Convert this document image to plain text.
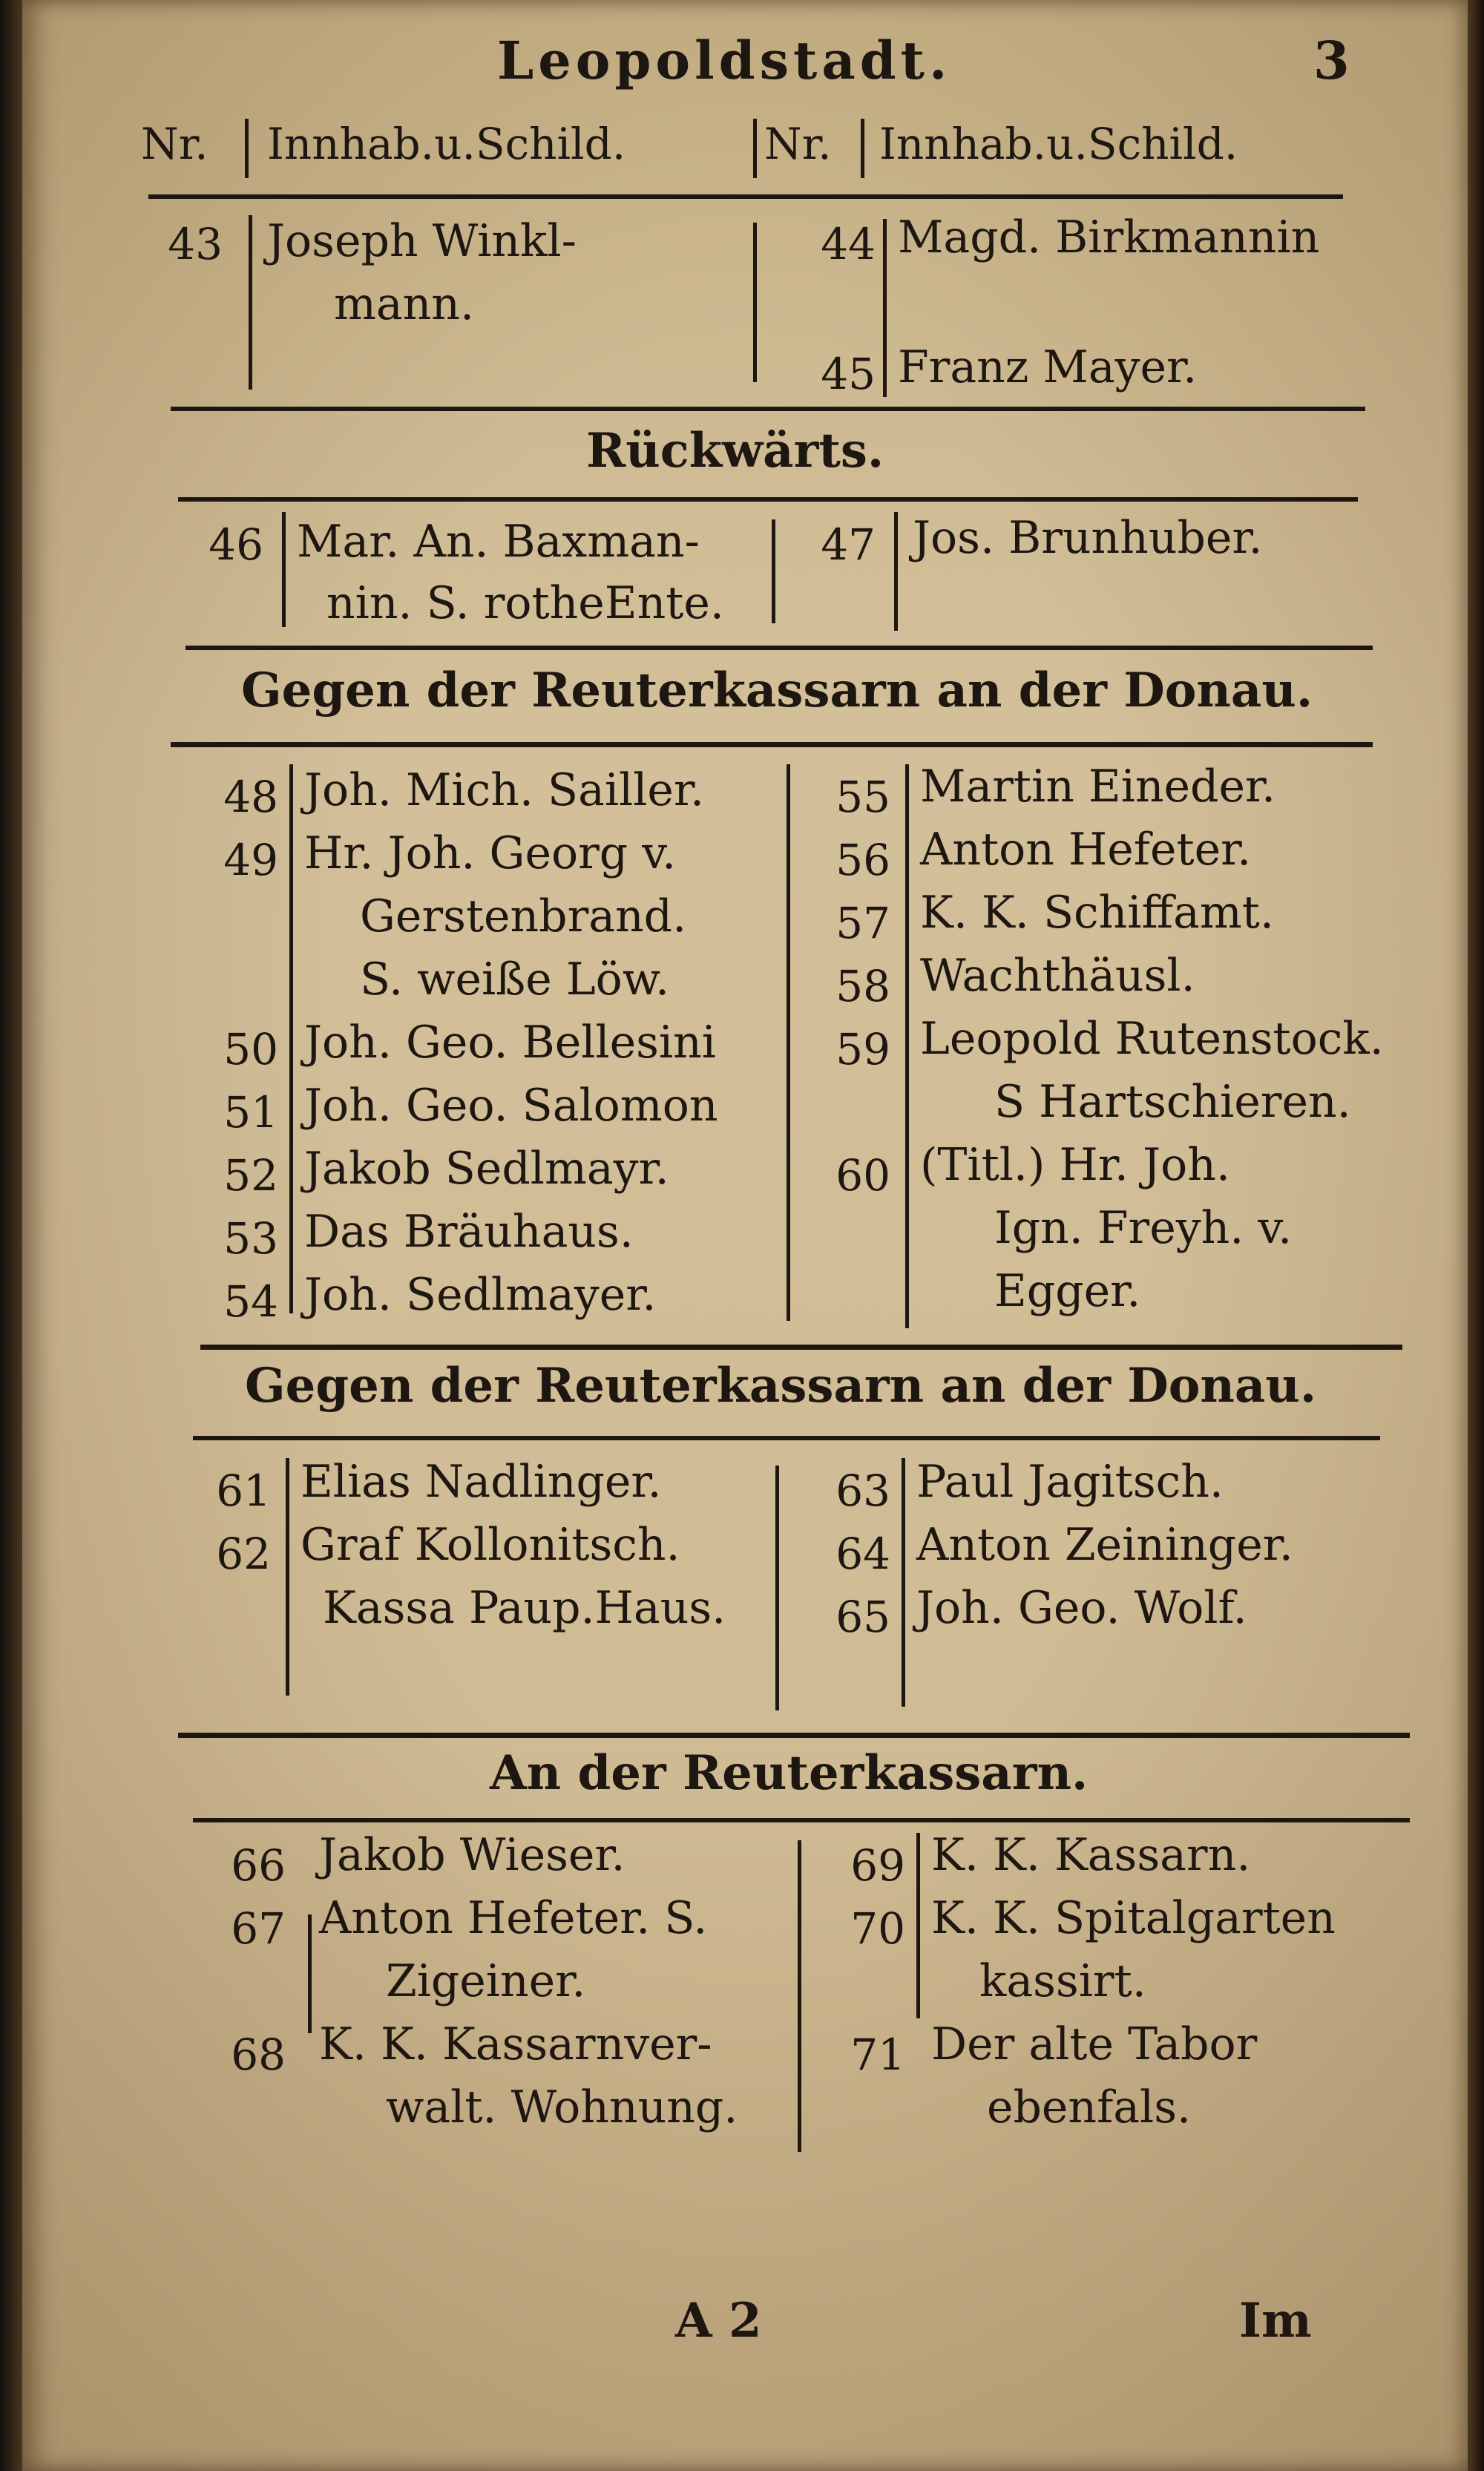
Leopoldstadt.	3
Nr. Innhab.u.Schild.	Nr. Innhab.u.Schild.
43 Joseph Winkl-
mann.
44 Magd. Birkmannin
45 Franz Mayer.
Rückwärts.
46 Mar. An. Baxman-
nin. S. rotheEnte.
47 Jos. Brunhuber.
Gegen der Reuterkassarn an der Donau.
48 Joh. Mich. Sailler.
49 Hr. Joh. Georg v.
Gerstenbrand.
S. weiße Löw.
50 Joh. Geo. Bellesini
51 Joh. Geo. Salomon
52 Jakob Sedlmayr.
53 Das Bräuhaus.
54 Joh. Sedlmayer.
55 Martin Eineder.
56 Anton Hefeter.
57 K. K. Schiffamt.
58 Wachthäusl.
59 Leopold Rutenstock.
S Hartschieren.
60 (Titl.) Hr. Joh.
Ign. Freyh. v.
Egger.
Gegen der Reuterkassarn an der Donau.
61 Elias Nadlinger.
62 Graf Kollonitsch.
Kassa Paup.Haus.
63 Paul Jagitsch.
64 Anton Zeininger.
65 Joh. Geo. Wolf.
An der Reuterkassarn.
66 Jakob Wieser.
67 Anton Hefeter. S.
Zigeiner.
68 K. K. Kassarnver-
walt. Wohnung.
69 K. K. Kassarn.
70 K. K. Spitalgarten
kassirt.
71 Der alte Tabor
ebenfals.
A 2	Im
